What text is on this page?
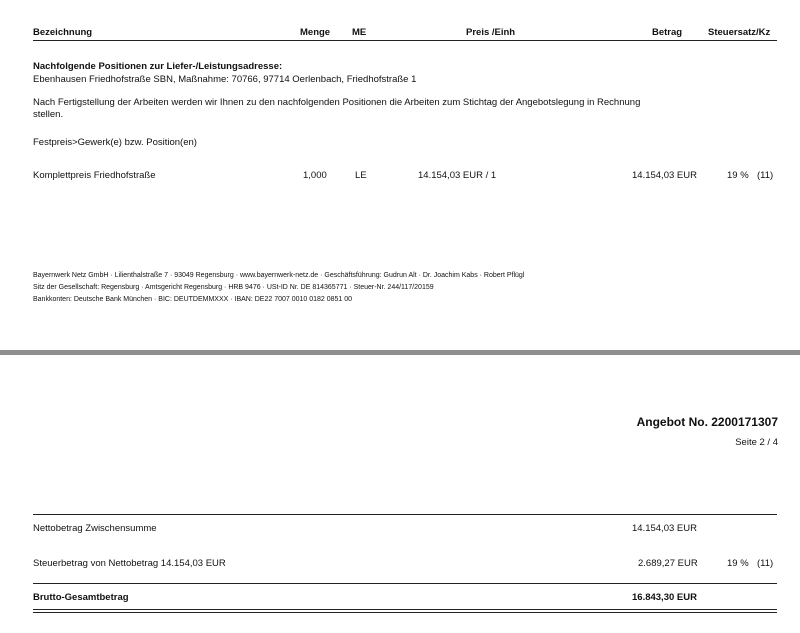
Bezeichnung	Menge ME	Preis /Einh	Betrag	Steuersatz/Kz
Nachfolgende Positionen zur Liefer-/Leistungsadresse:
Ebenhausen Friedhofstraße SBN, Maßnahme: 70766, 97714 Oerlenbach, Friedhofstraße 1
Nach Fertigstellung der Arbeiten werden wir Ihnen zu den nachfolgenden Positionen die Arbeiten zum Stichtag der Angebotslegung in Rechnung
stellen.
Festpreis>Gewerk(e) bzw. Position(en)
Komplettpreis Friedhofstraße	1,000	LE	14.154,03 EUR / 1	14.154,03 EUR	19 % (11)
Bayernwerk Netz GmbH · Lilienthalstraße 7 · 93049 Regensburg · www.bayernwerk-netz.de · Geschäftsführung: Gudrun Alt · Dr. Joachim Kabs · Robert Pflügl
Sitz der Gesellschaft: Regensburg · Amtsgericht Regensburg · HRB 9476 · USt-ID Nr. DE 814365771 · Steuer-Nr. 244/117/20159
Bankkonten: Deutsche Bank München · BIC: DEUTDEMMXXX · IBAN: DE22 7007 0010 0182 0851 00
Angebot No. 2200171307
Seite 2 / 4
Nettobetrag Zwischensumme	14.154,03 EUR
Steuerbetrag von Nettobetrag 14.154,03 EUR	2.689,27 EUR	19 % (11)
Brutto-Gesamtbetrag	16.843,30 EUR
